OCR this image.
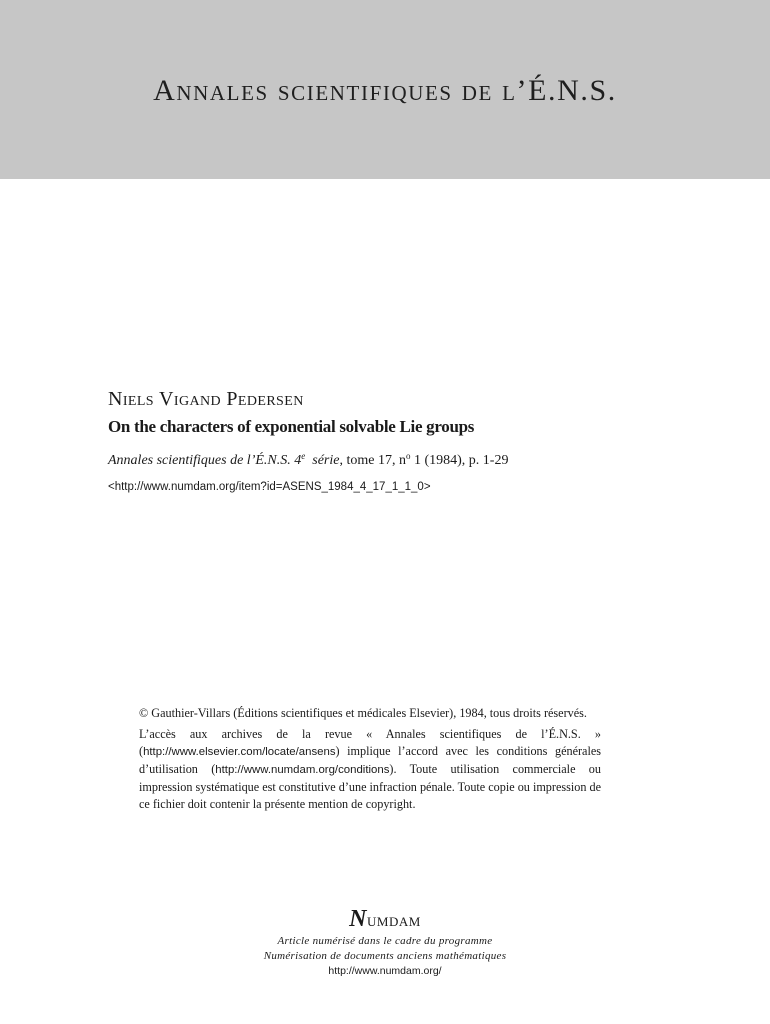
Annales scientifiques de l’É.N.S.
Niels Vigand Pedersen
On the characters of exponential solvable Lie groups
Annales scientifiques de l’É.N.S. 4e série, tome 17, $n^o$ 1 (1984), p. 1-29
<http://www.numdam.org/item?id=ASENS_1984_4_17_1_1_0>

© Gauthier-Villars (Éditions scientifiques et médicales Elsevier), 1984, tous droits réservés.

L’accès aux archives de la revue « Annales scientifiques de l’É.N.S. » (http://www.elsevier.com/locate/ansens) implique l’accord avec les conditions générales d’utilisation (http://www.numdam.org/conditions). Toute utilisation commerciale ou impression systématique est constitutive d’une infraction pénale. Toute copie ou impression de ce fichier doit contenir la présente mention de copyright.

Numdam
Article numérisé dans le cadre du programme
Numérisation de documents anciens mathématiques
http://www.numdam.org/
